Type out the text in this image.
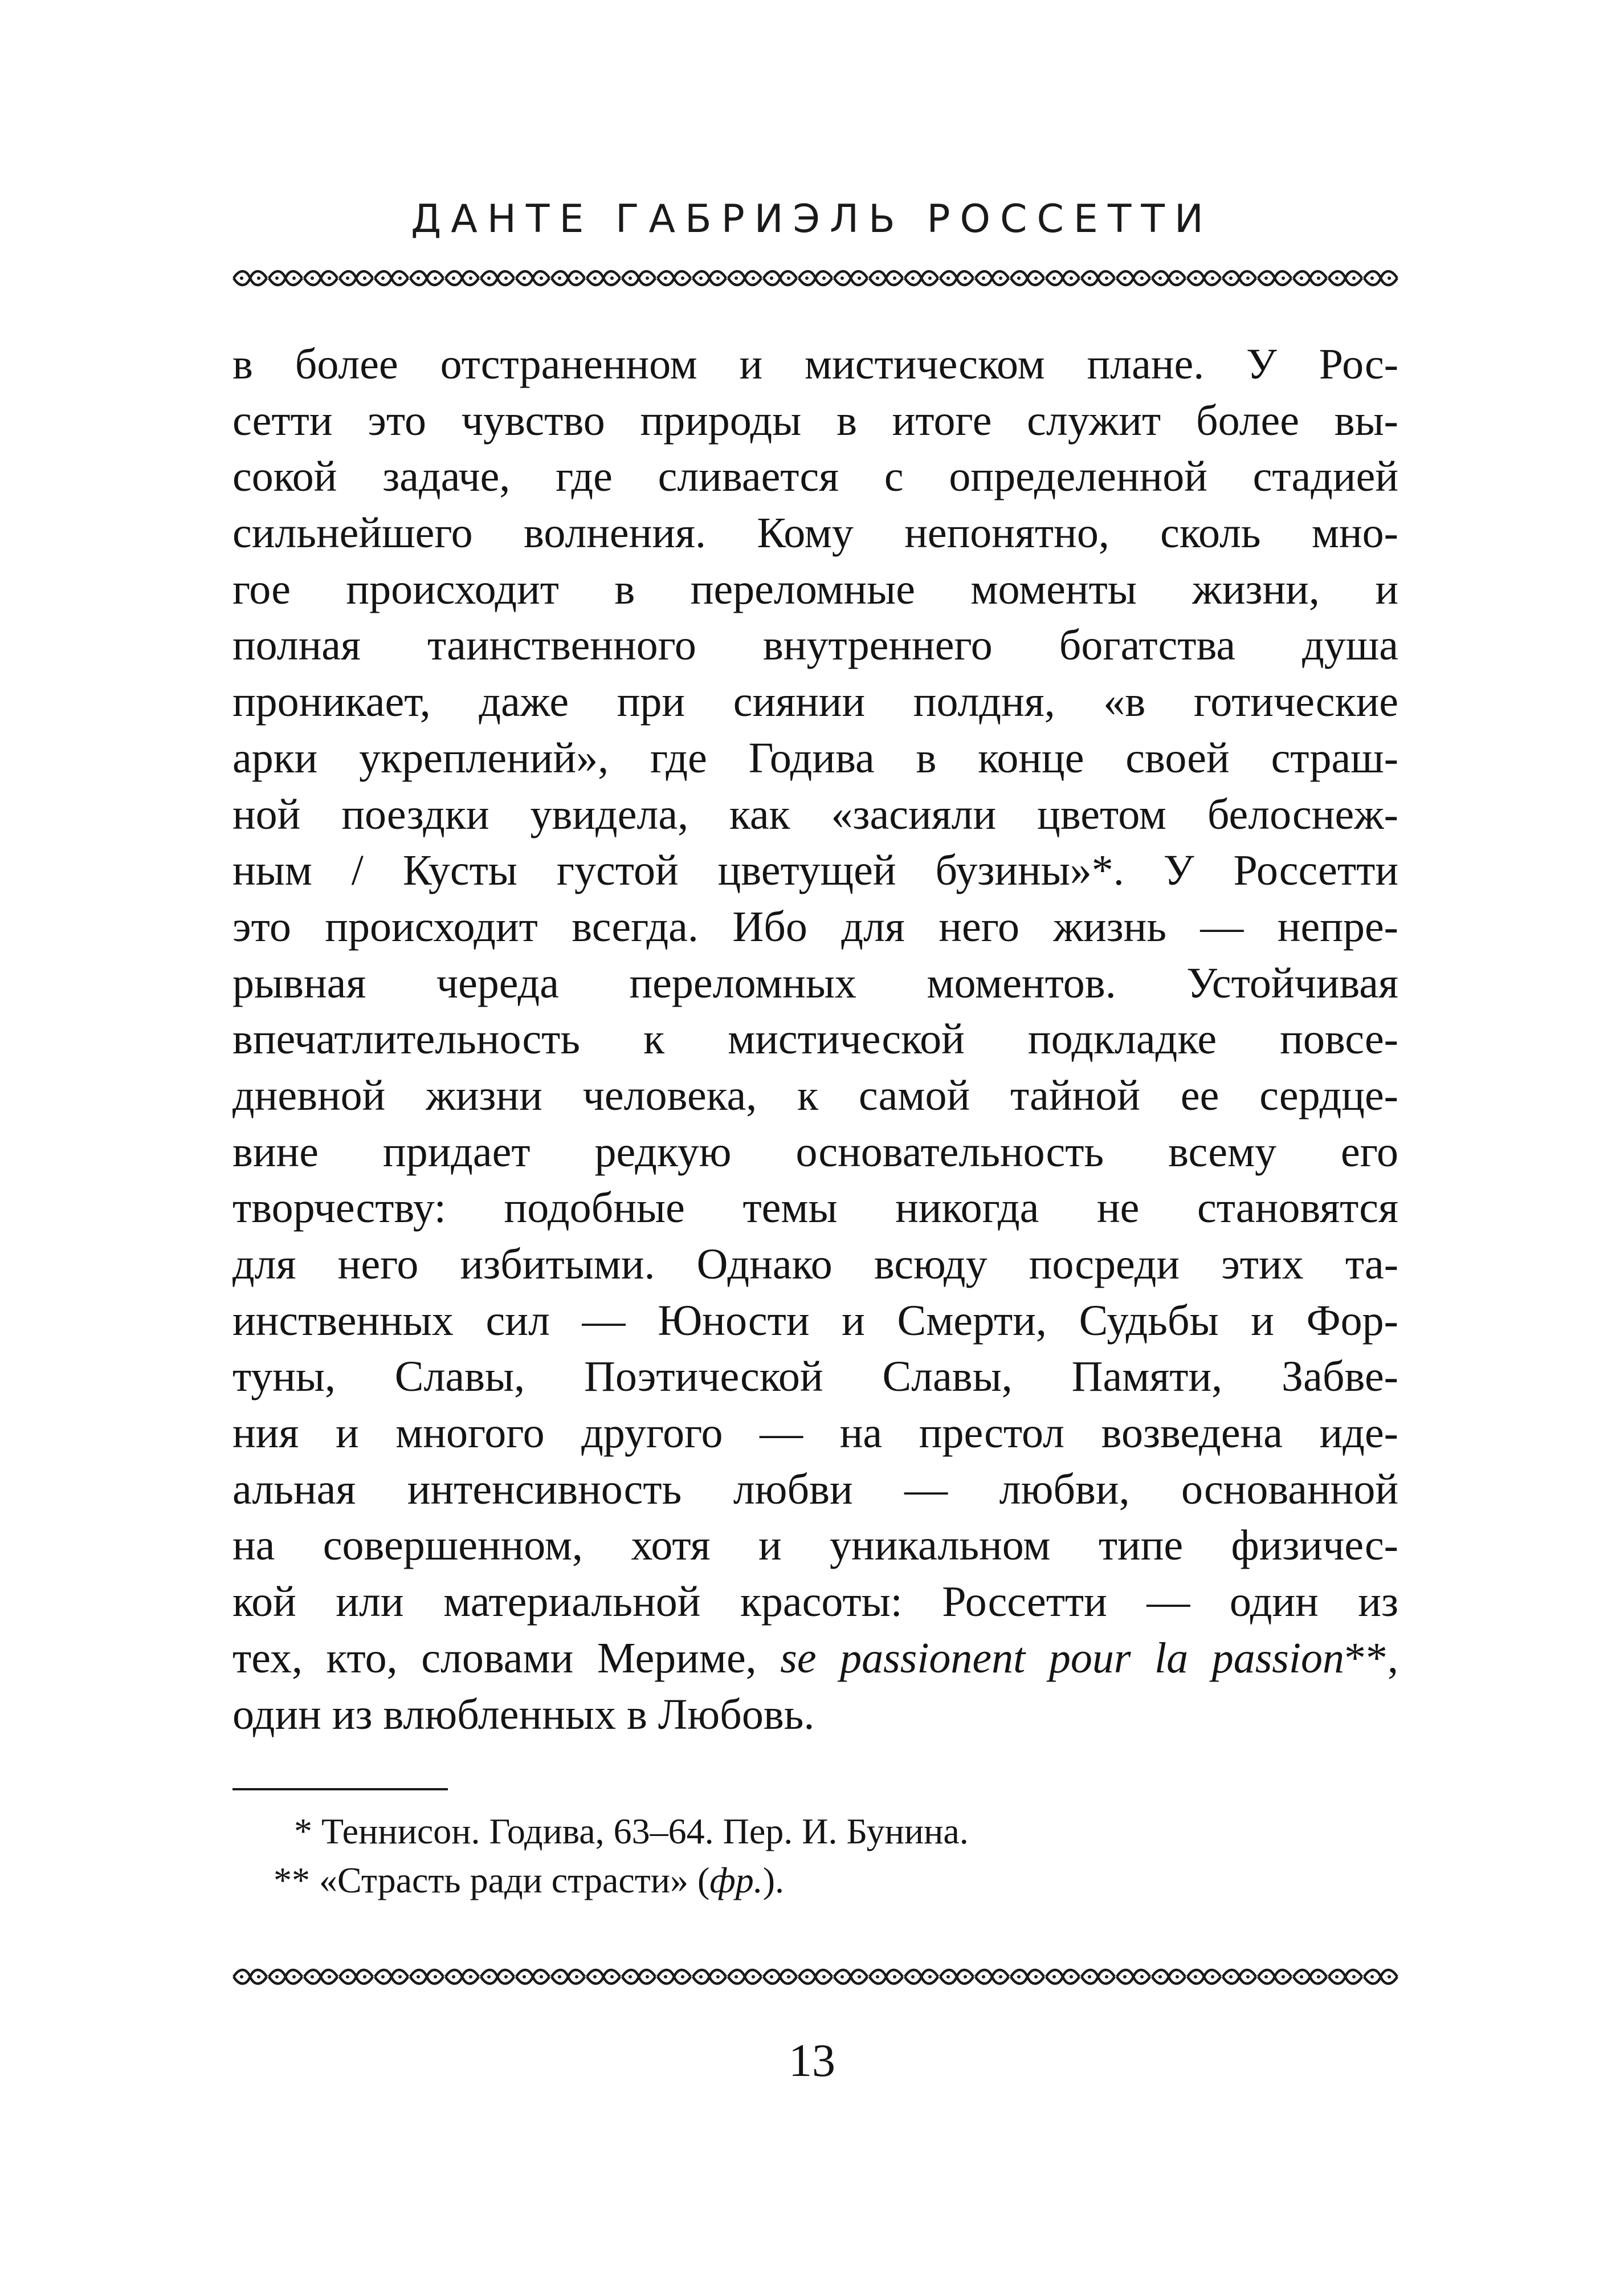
ДАНТЕ ГАБРИЭЛЬ РОССЕТТИ
в более отстраненном и мистическом плане. У Рос-
сетти это чувство природы в итоге служит более вы-
сокой задаче, где сливается с определенной стадией
сильнейшего волнения. Кому непонятно, сколь мно-
гое происходит в переломные моменты жизни, и
полная таинственного внутреннего богатства душа
проникает, даже при сиянии полдня, «в готические
арки укреплений», где Годива в конце своей страш-
ной поездки увидела, как «засияли цветом белоснеж-
ным / Кусты густой цветущей бузины»*. У Россетти
это происходит всегда. Ибо для него жизнь — непре-
рывная череда переломных моментов. Устойчивая
впечатлительность к мистической подкладке повсе-
дневной жизни человека, к самой тайной ее сердце-
вине придает редкую основательность всему его
творчеству: подобные темы никогда не становятся
для него избитыми. Однако всюду посреди этих та-
инственных сил — Юности и Смерти, Судьбы и Фор-
туны, Славы, Поэтической Славы, Памяти, Забве-
ния и многого другого — на престол возведена иде-
альная интенсивность любви — любви, основанной
на совершенном, хотя и уникальном типе физичес-
кой или материальной красоты: Россетти — один из
тех, кто, словами Мериме, se passionent pour la passion**,
один из влюбленных в Любовь.
* Теннисон. Годива, 63–64. Пер. И. Бунина.
** «Страсть ради страсти» (фр.).
13
